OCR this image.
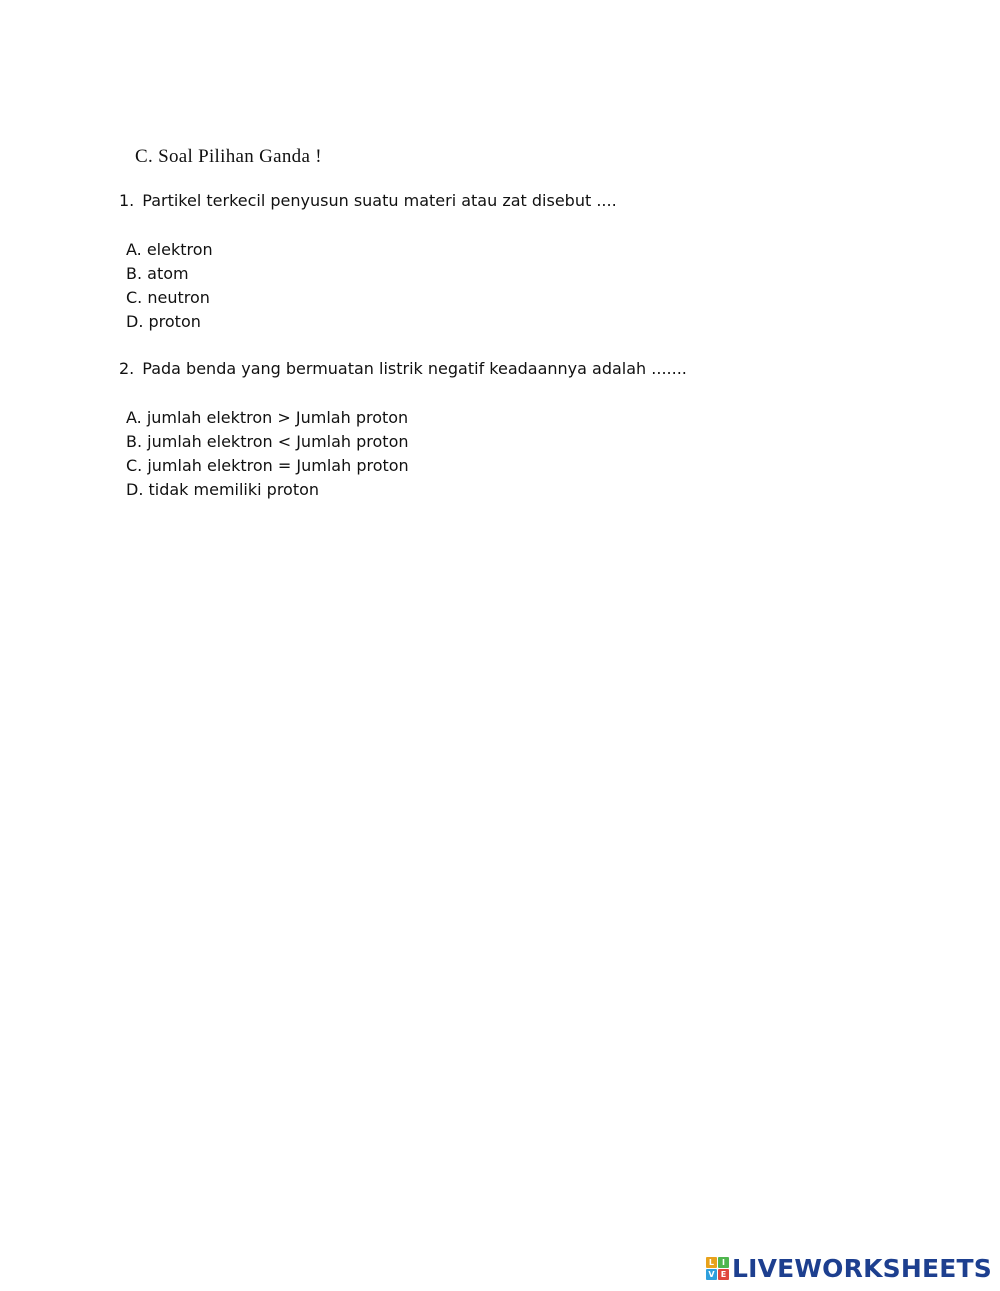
C. Soal Pilihan Ganda !
1. Partikel terkecil penyusun suatu materi atau zat disebut ....
A. elektron
B. atom
C. neutron
D. proton
2. Pada benda yang bermuatan listrik negatif keadaannya adalah .......
A. jumlah elektron > Jumlah proton
B. jumlah elektron < Jumlah proton
C. jumlah elektron = Jumlah proton
D. tidak memiliki proton
L I
V E LIVEWORKSHEETS
